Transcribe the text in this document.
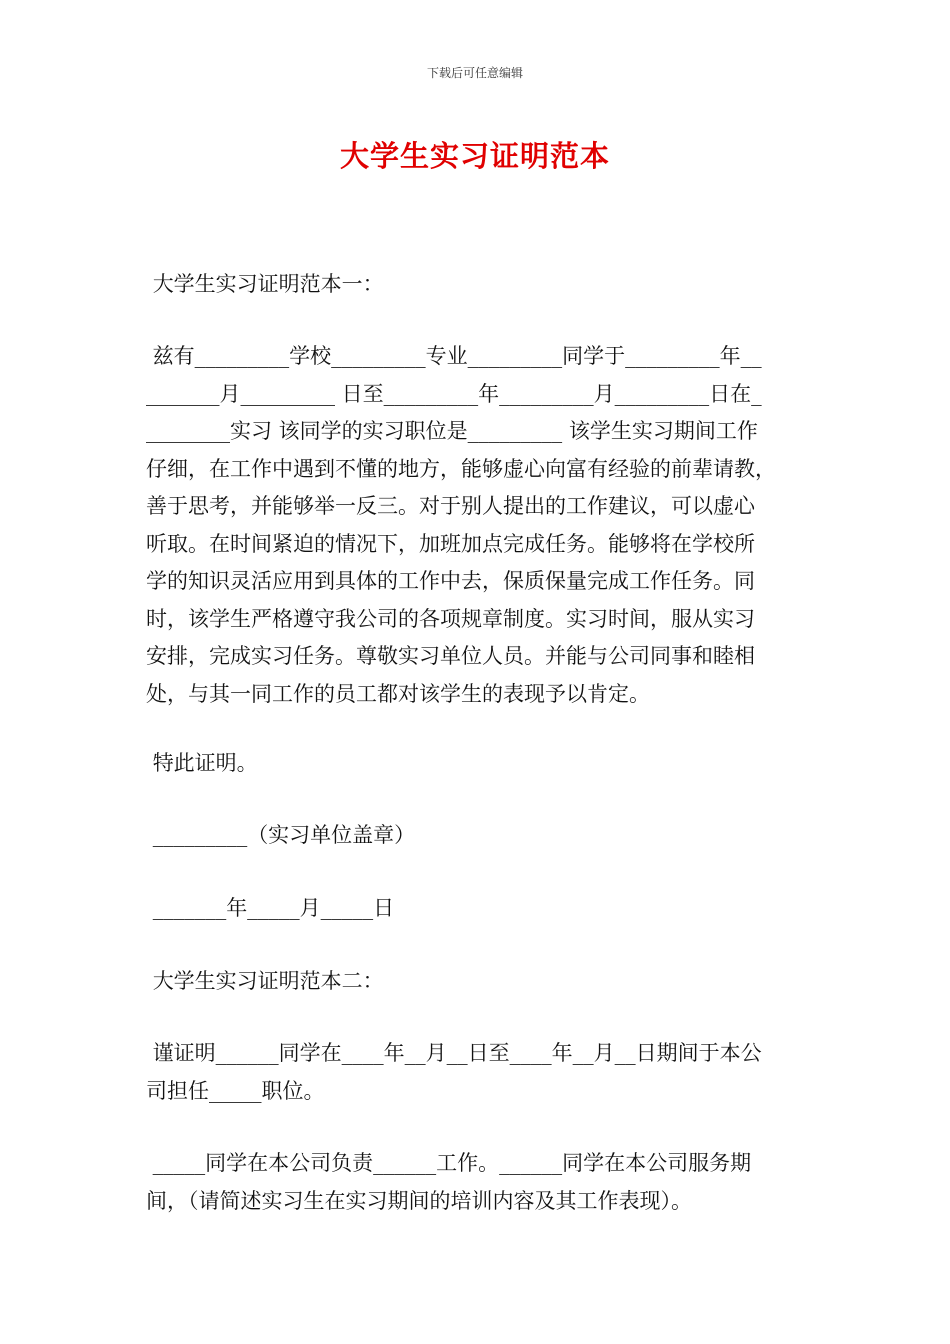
下载后可任意编辑
大学生实习证明范本

大学生实习证明范本一：

兹有_________学校_________专业_________同学于_________年__
_______月_________ 日至_________年_________月_________日在_
________实习 该同学的实习职位是_________ 该学生实习期间工作
仔细，在工作中遇到不懂的地方，能够虚心向富有经验的前辈请教，
善于思考，并能够举一反三。对于别人提出的工作建议，可以虚心
听取。在时间紧迫的情况下，加班加点完成任务。能够将在学校所
学的知识灵活应用到具体的工作中去，保质保量完成工作任务。同
时，该学生严格遵守我公司的各项规章制度。实习时间，服从实习
安排，完成实习任务。尊敬实习单位人员。并能与公司同事和睦相
处，与其一同工作的员工都对该学生的表现予以肯定。

特此证明。

_________（实习单位盖章）

_______年_____月_____日

大学生实习证明范本二：

谨证明______同学在____年__月__日至____年__月__日期间于本公
司担任_____职位。
_____同学在本公司负责______工作。______同学在本公司服务期
间，（请简述实习生在实习期间的培训内容及其工作表现）。
